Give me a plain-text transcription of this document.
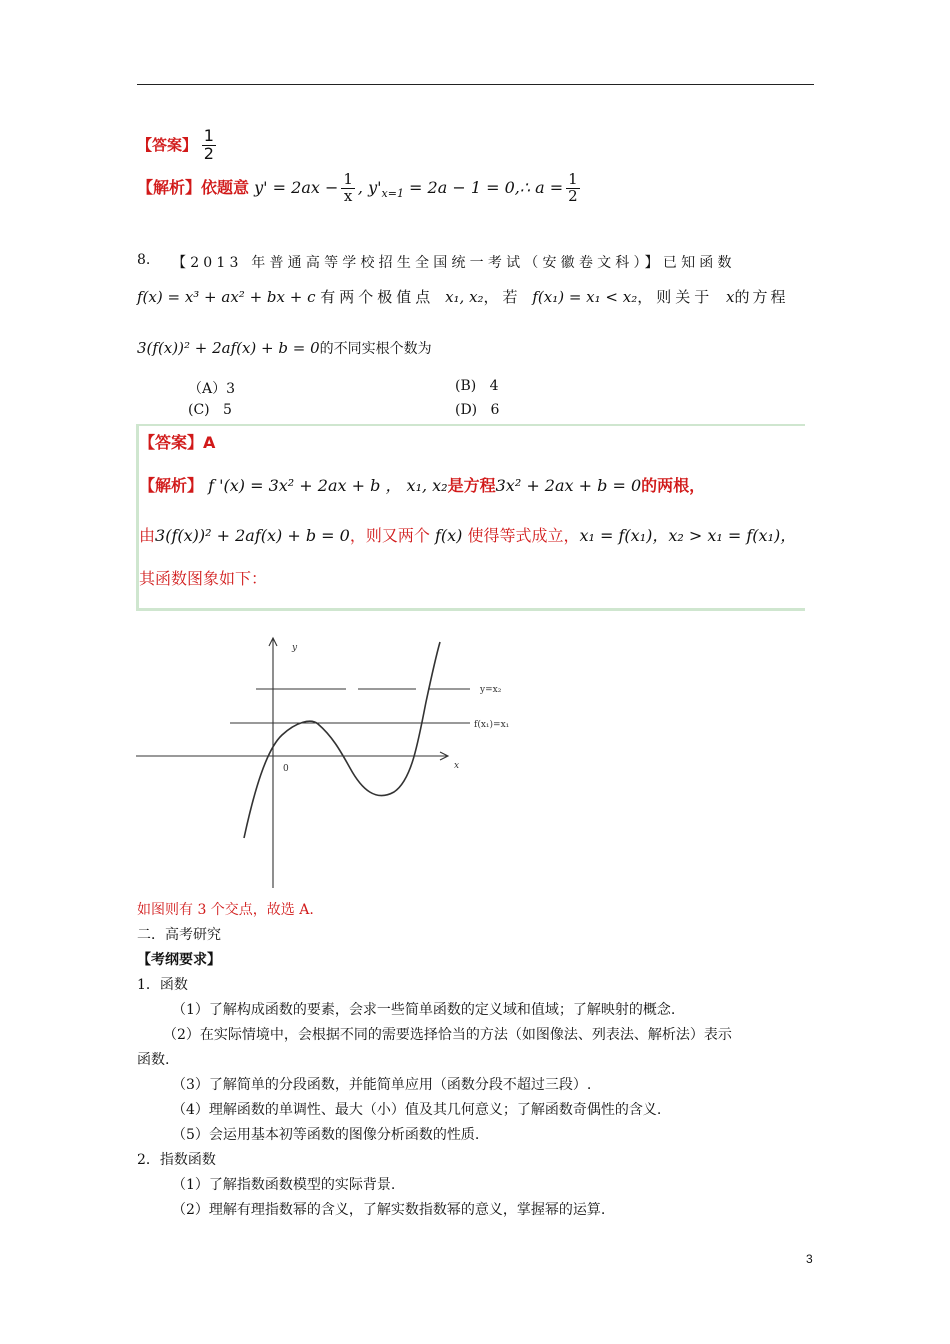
【答案】 $\frac{1}{2}$
【解析】依题意 $y' = 2ax - \frac{1}{x}$ , $y'_{x=1} = 2a - 1$ = 0,∴ $a = \frac{1}{2}$
8. 【2013 年普通高等学校招生全国统一考试（安徽卷文科）】已知函数
f(x) = x³ + ax² + bx + c 有两个极值点 x₁, x₂，若 f(x₁) = x₁ < x₂，则关于 x的方程
3(f(x))² + 2af(x) + b = 0的不同实根个数为
（A）3	(B) 4
(C) 5	(D) 6
【答案】A
【解析】 f '(x) = 3x² + 2ax + b ， x₁, x₂是方程3x² + 2ax + b = 0的两根，
由3(f(x))² + 2af(x) + b = 0，则又两个 f(x) 使得等式成立，x₁ = f(x₁)，x₂ > x₁ = f(x₁)，
其函数图象如下：
y
x
0
y=x₂
f(x₁)=x₁
如图则有 3 个交点，故选 A.
二．高考研究
【考纲要求】
1．函数
（1）了解构成函数的要素，会求一些简单函数的定义域和值域；了解映射的概念.
（2）在实际情境中，会根据不同的需要选择恰当的方法（如图像法、列表法、解析法）表示
函数.
（3）了解简单的分段函数，并能简单应用（函数分段不超过三段）.
（4）理解函数的单调性、最大（小）值及其几何意义；了解函数奇偶性的含义.
（5）会运用基本初等函数的图像分析函数的性质.
2．指数函数
（1）了解指数函数模型的实际背景.
（2）理解有理指数幂的含义，了解实数指数幂的意义，掌握幂的运算.
3
